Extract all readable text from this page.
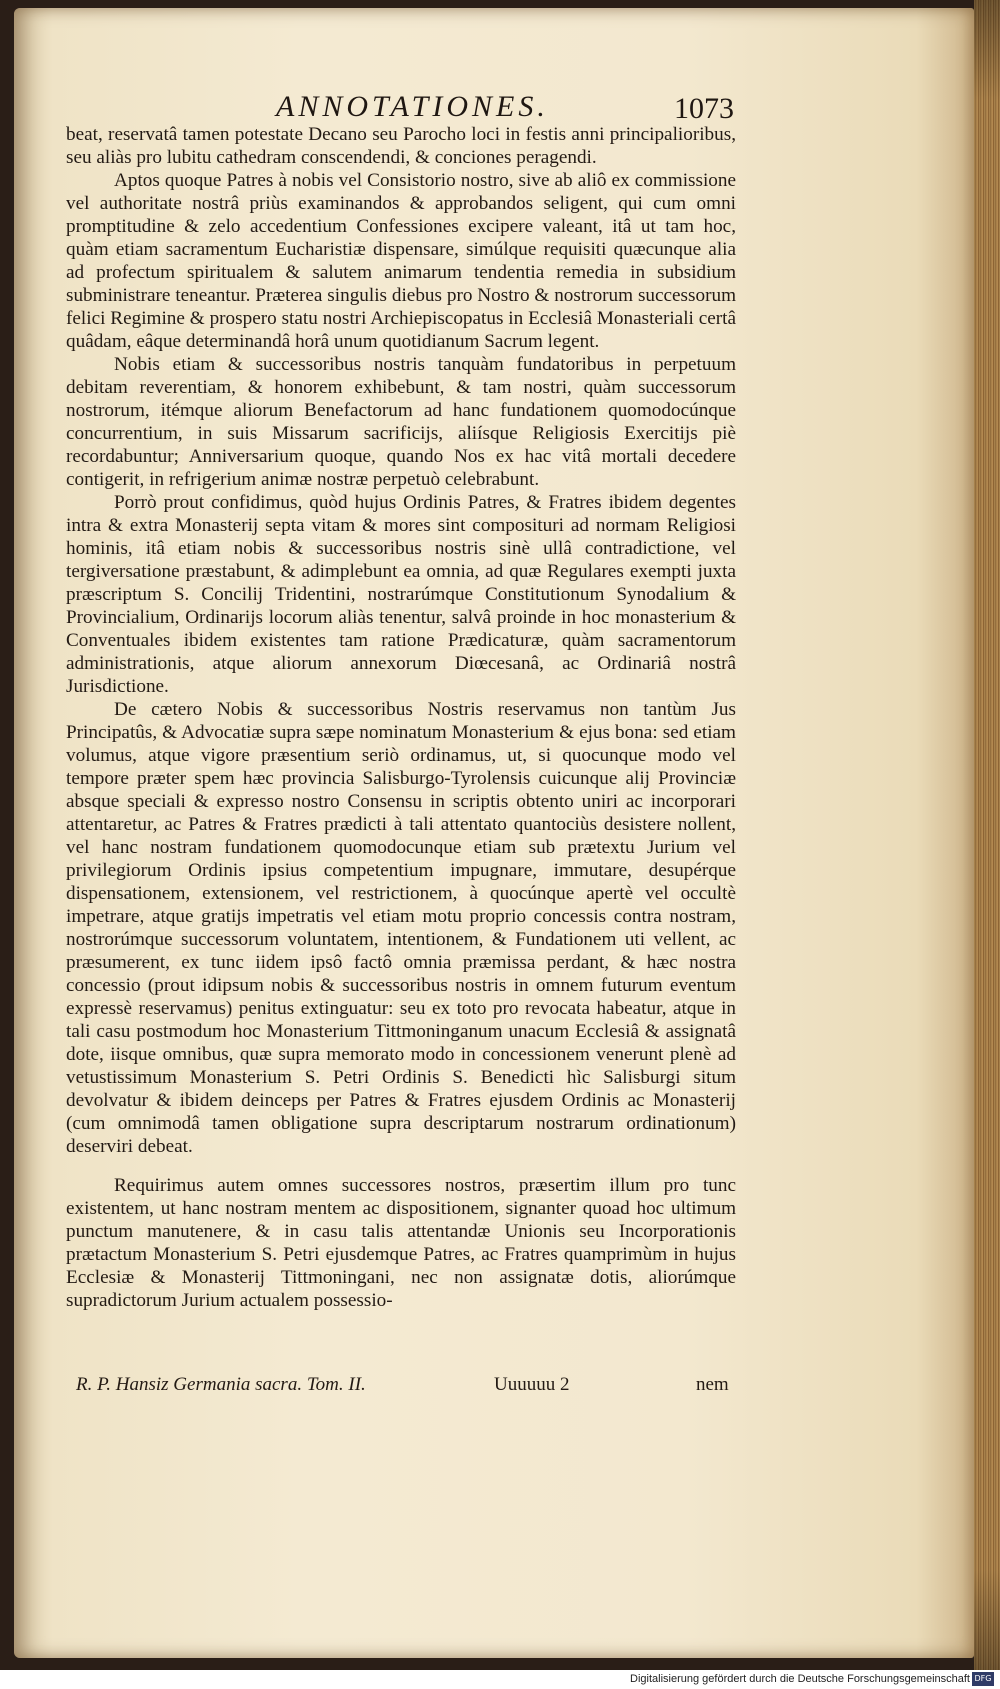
ANNOTATIONES.	1073

beat, reservatâ tamen potestate Decano seu Parocho loci in festis anni principalioribus, seu aliàs pro lubitu cathedram conscendendi, & conciones peragendi.

Aptos quoque Patres à nobis vel Consistorio nostro, sive ab aliô ex commissione vel authoritate nostrâ priùs examinandos & approbandos seligent, qui cum omni promptitudine & zelo accedentium Confessiones excipere valeant, itâ ut tam hoc, quàm etiam sacramentum Eucharistiæ dispensare, simúlque requisiti quæcunque alia ad profectum spiritualem & salutem animarum tendentia remedia in subsidium subministrare teneantur. Præterea singulis diebus pro Nostro & nostrorum successorum felici Regimine & prospero statu nostri Archiepiscopatus in Ecclesiâ Monasteriali certâ quâdam, eâque determinandâ horâ unum quotidianum Sacrum legent.

Nobis etiam & successoribus nostris tanquàm fundatoribus in perpetuum debitam reverentiam, & honorem exhibebunt, & tam nostri, quàm successorum nostrorum, itémque aliorum Benefactorum ad hanc fundationem quomodocúnque concurrentium, in suis Missarum sacrificijs, aliísque Religiosis Exercitijs piè recordabuntur; Anniversarium quoque, quando Nos ex hac vitâ mortali decedere contigerit, in refrigerium animæ nostræ perpetuò celebrabunt.

Porrò prout confidimus, quòd hujus Ordinis Patres, & Fratres ibidem degentes intra & extra Monasterij septa vitam & mores sint composituri ad normam Religiosi hominis, itâ etiam nobis & successoribus nostris sinè ullâ contradictione, vel tergiversatione præstabunt, & adimplebunt ea omnia, ad quæ Regulares exempti juxta præscriptum S. Concilij Tridentini, nostrarúmque Constitutionum Synodalium & Provincialium, Ordinarijs locorum aliàs tenentur, salvâ proinde in hoc monasterium & Conventuales ibidem existentes tam ratione Prædicaturæ, quàm sacramentorum administrationis, atque aliorum annexorum Diœcesanâ, ac Ordinariâ nostrâ Jurisdictione.

De cætero Nobis & successoribus Nostris reservamus non tantùm Jus Principatûs, & Advocatiæ supra sæpe nominatum Monasterium & ejus bona: sed etiam volumus, atque vigore præsentium seriò ordinamus, ut, si quocunque modo vel tempore præter spem hæc provincia Salisburgo-Tyrolensis cuicunque alij Provinciæ absque speciali & expresso nostro Consensu in scriptis obtento uniri ac incorporari attentaretur, ac Patres & Fratres prædicti à tali attentato quantociùs desistere nollent, vel hanc nostram fundationem quomodocunque etiam sub prætextu Jurium vel privilegiorum Ordinis ipsius competentium impugnare, immutare, desupérque dispensationem, extensionem, vel restrictionem, à quocúnque apertè vel occultè impetrare, atque gratijs impetratis vel etiam motu proprio concessis contra nostram, nostrorúmque successorum voluntatem, intentionem, & Fundationem uti vellent, ac præsumerent, ex tunc iidem ipsô factô omnia præmissa perdant, & hæc nostra concessio (prout idipsum nobis & successoribus nostris in omnem futurum eventum expressè reservamus) penitus extinguatur: seu ex toto pro revocata habeatur, atque in tali casu postmodum hoc Monasterium Tittmoninganum unacum Ecclesiâ & assignatâ dote, iisque omnibus, quæ supra memorato modo in concessionem venerunt plenè ad vetustissimum Monasterium S. Petri Ordinis S. Benedicti hìc Salisburgi situm devolvatur & ibidem deinceps per Patres & Fratres ejusdem Ordinis ac Monasterij (cum omnimodâ tamen obligatione supra descriptarum nostrarum ordinationum) deserviri debeat.

Requirimus autem omnes successores nostros, præsertim illum pro tunc existentem, ut hanc nostram mentem ac dispositionem, signanter quoad hoc ultimum punctum manutenere, & in casu talis attentandæ Unionis seu Incorporationis prætactum Monasterium S. Petri ejusdemque Patres, ac Fratres quamprimùm in hujus Ecclesiæ & Monasterij Tittmoningani, nec non assignatæ dotis, aliorúmque supradictorum Jurium actualem possessio-

R. P. Hansiz Germania sacra. Tom. II.	Uuuuuu 2	nem
Digitalisierung gefördert durch die Deutsche Forschungsgemeinschaft DFG
